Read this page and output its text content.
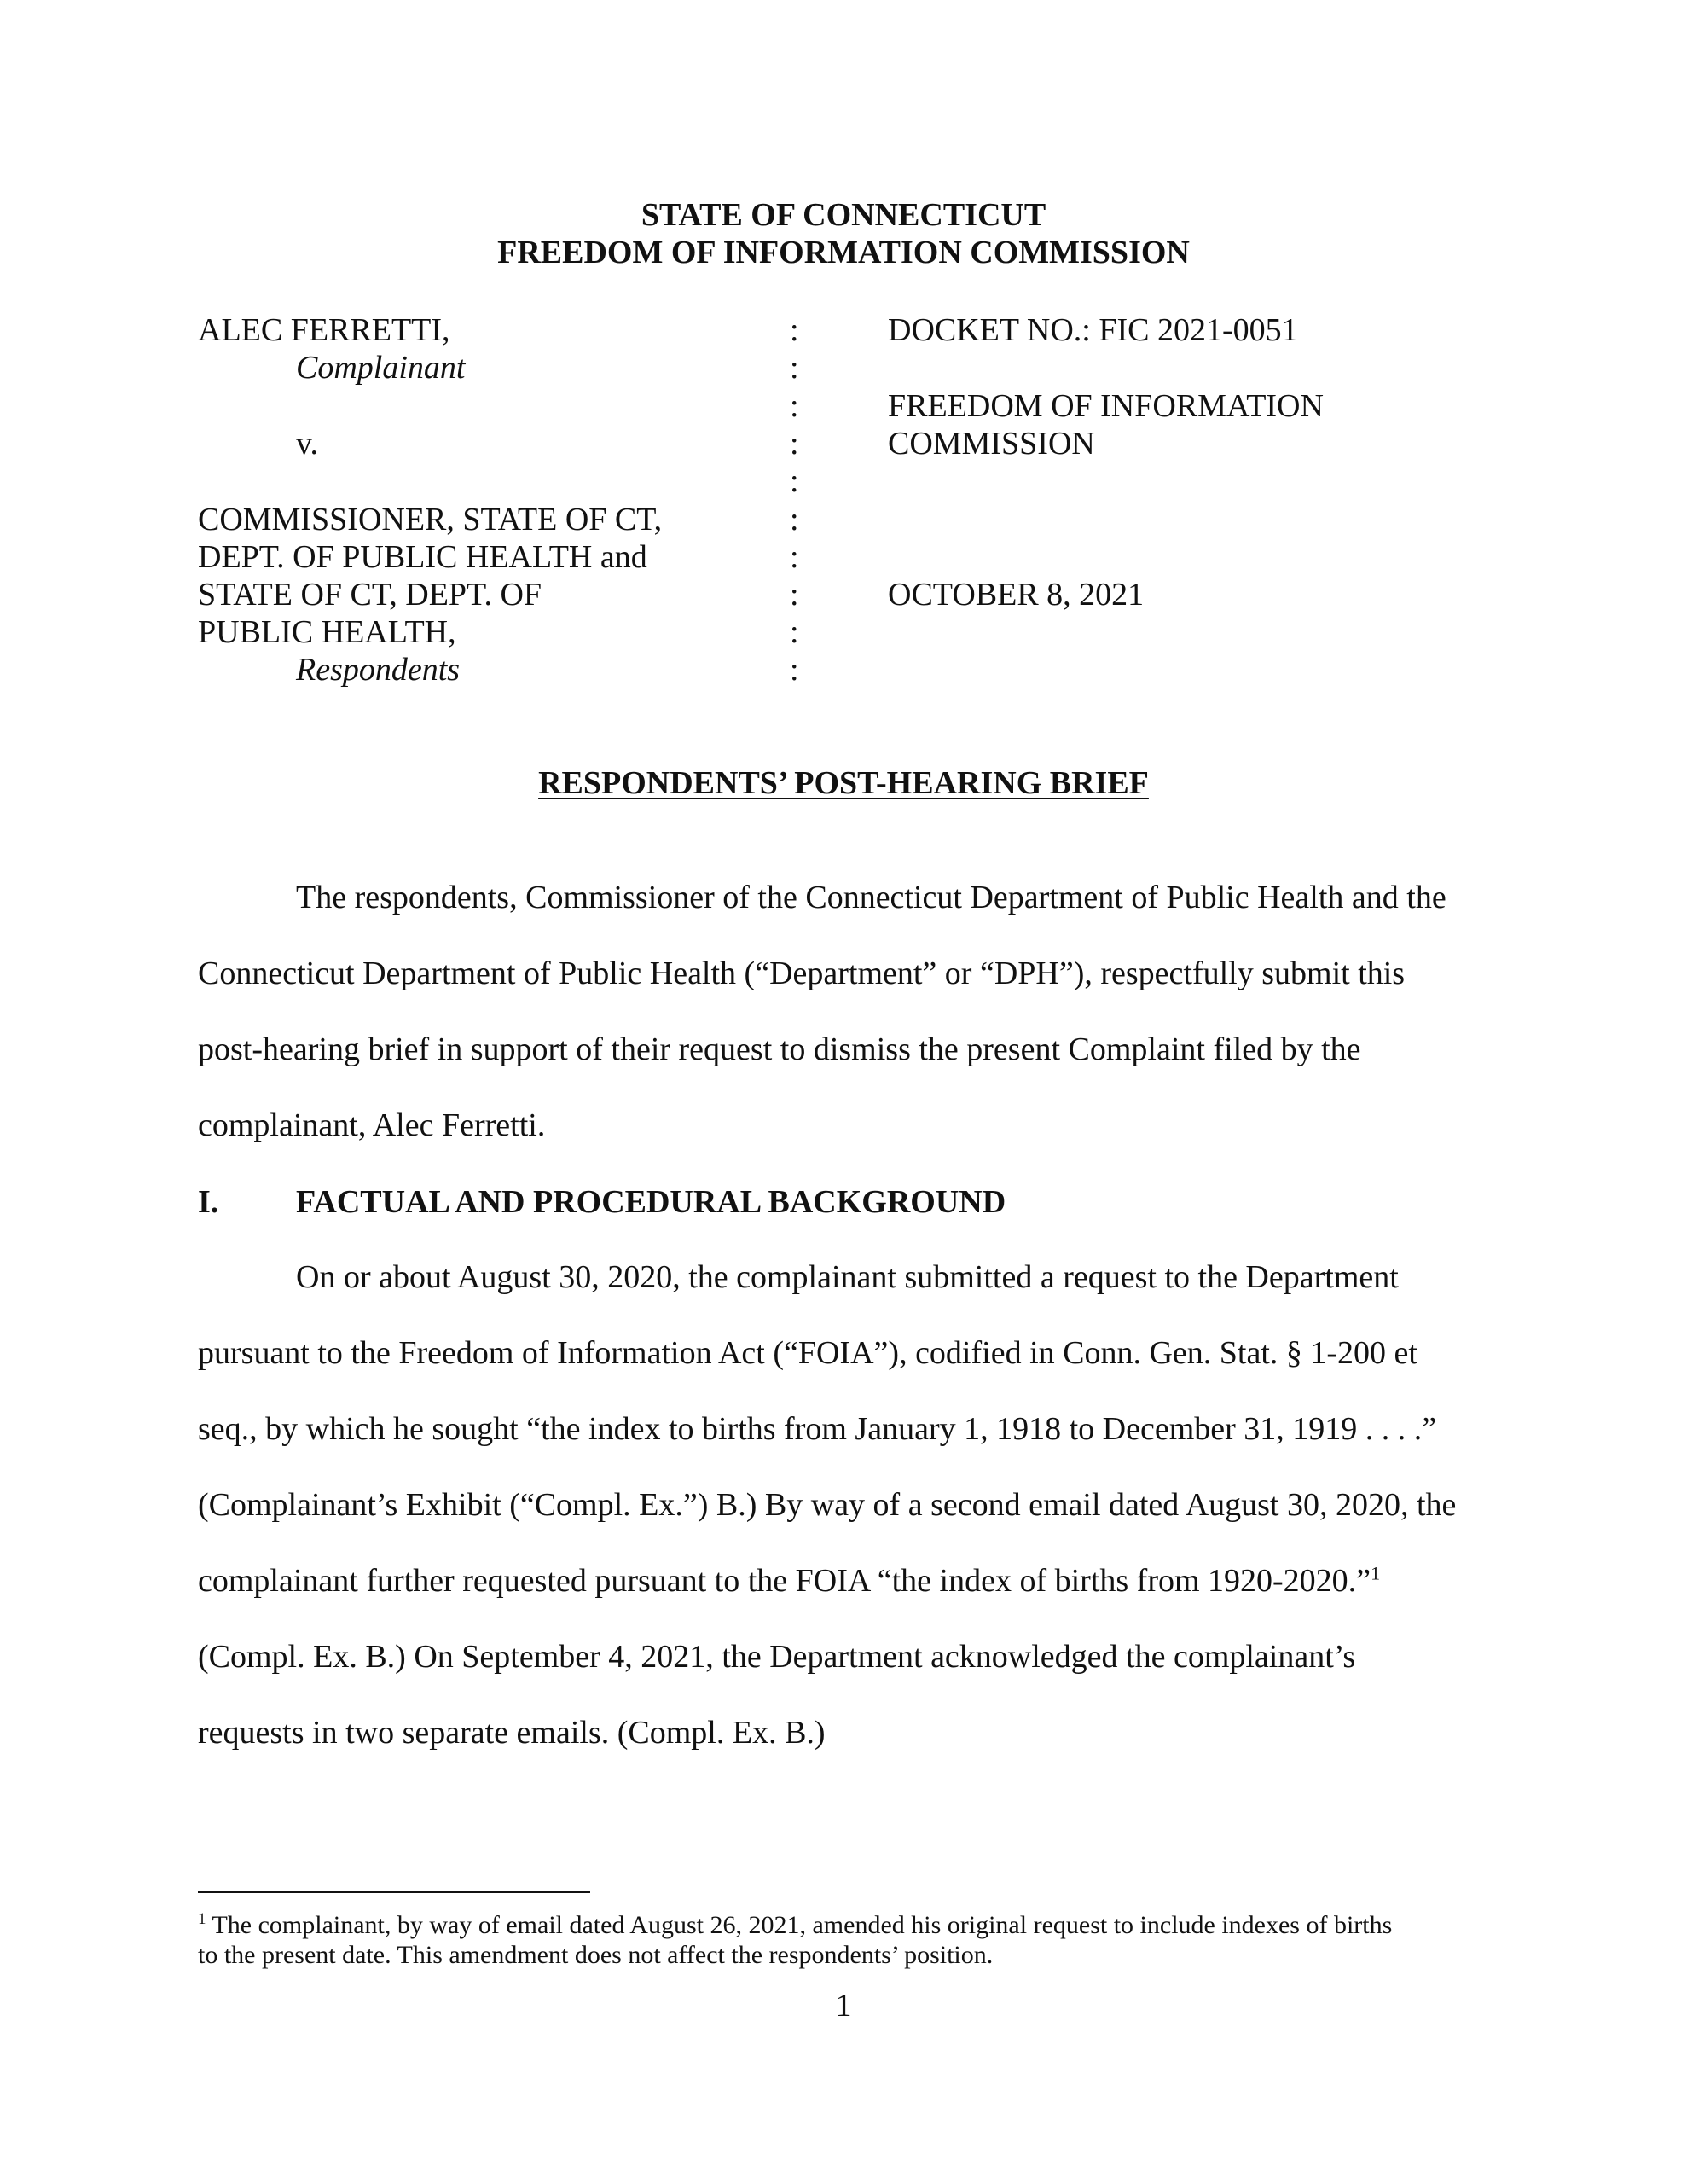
STATE OF CONNECTICUT
FREEDOM OF INFORMATION COMMISSION
ALEC FERRETTI,
Complainant
v.
COMMISSIONER, STATE OF CT,
DEPT. OF PUBLIC HEALTH and
STATE OF CT, DEPT. OF
PUBLIC HEALTH,
Respondents
:
:
:
:
:
:
:
:
:
:
DOCKET NO.: FIC 2021-0051
FREEDOM OF INFORMATION
COMMISSION
OCTOBER 8, 2021
RESPONDENTS’ POST-HEARING BRIEF
The respondents, Commissioner of the Connecticut Department of Public Health and the
Connecticut Department of Public Health (“Department” or “DPH”), respectfully submit this
post-hearing brief in support of their request to dismiss the present Complaint filed by the
complainant, Alec Ferretti.
I. FACTUAL AND PROCEDURAL BACKGROUND
On or about August 30, 2020, the complainant submitted a request to the Department
pursuant to the Freedom of Information Act (“FOIA”), codified in Conn. Gen. Stat. § 1-200 et
seq., by which he sought “the index to births from January 1, 1918 to December 31, 1919 . . . .”
(Complainant’s Exhibit (“Compl. Ex.”) B.) By way of a second email dated August 30, 2020, the
complainant further requested pursuant to the FOIA “the index of births from 1920-2020.”$^1$
(Compl. Ex. B.) On September 4, 2021, the Department acknowledged the complainant’s
requests in two separate emails. (Compl. Ex. B.)
$^1$ The complainant, by way of email dated August 26, 2021, amended his original request to include indexes of births
to the present date. This amendment does not affect the respondents’ position.
1
